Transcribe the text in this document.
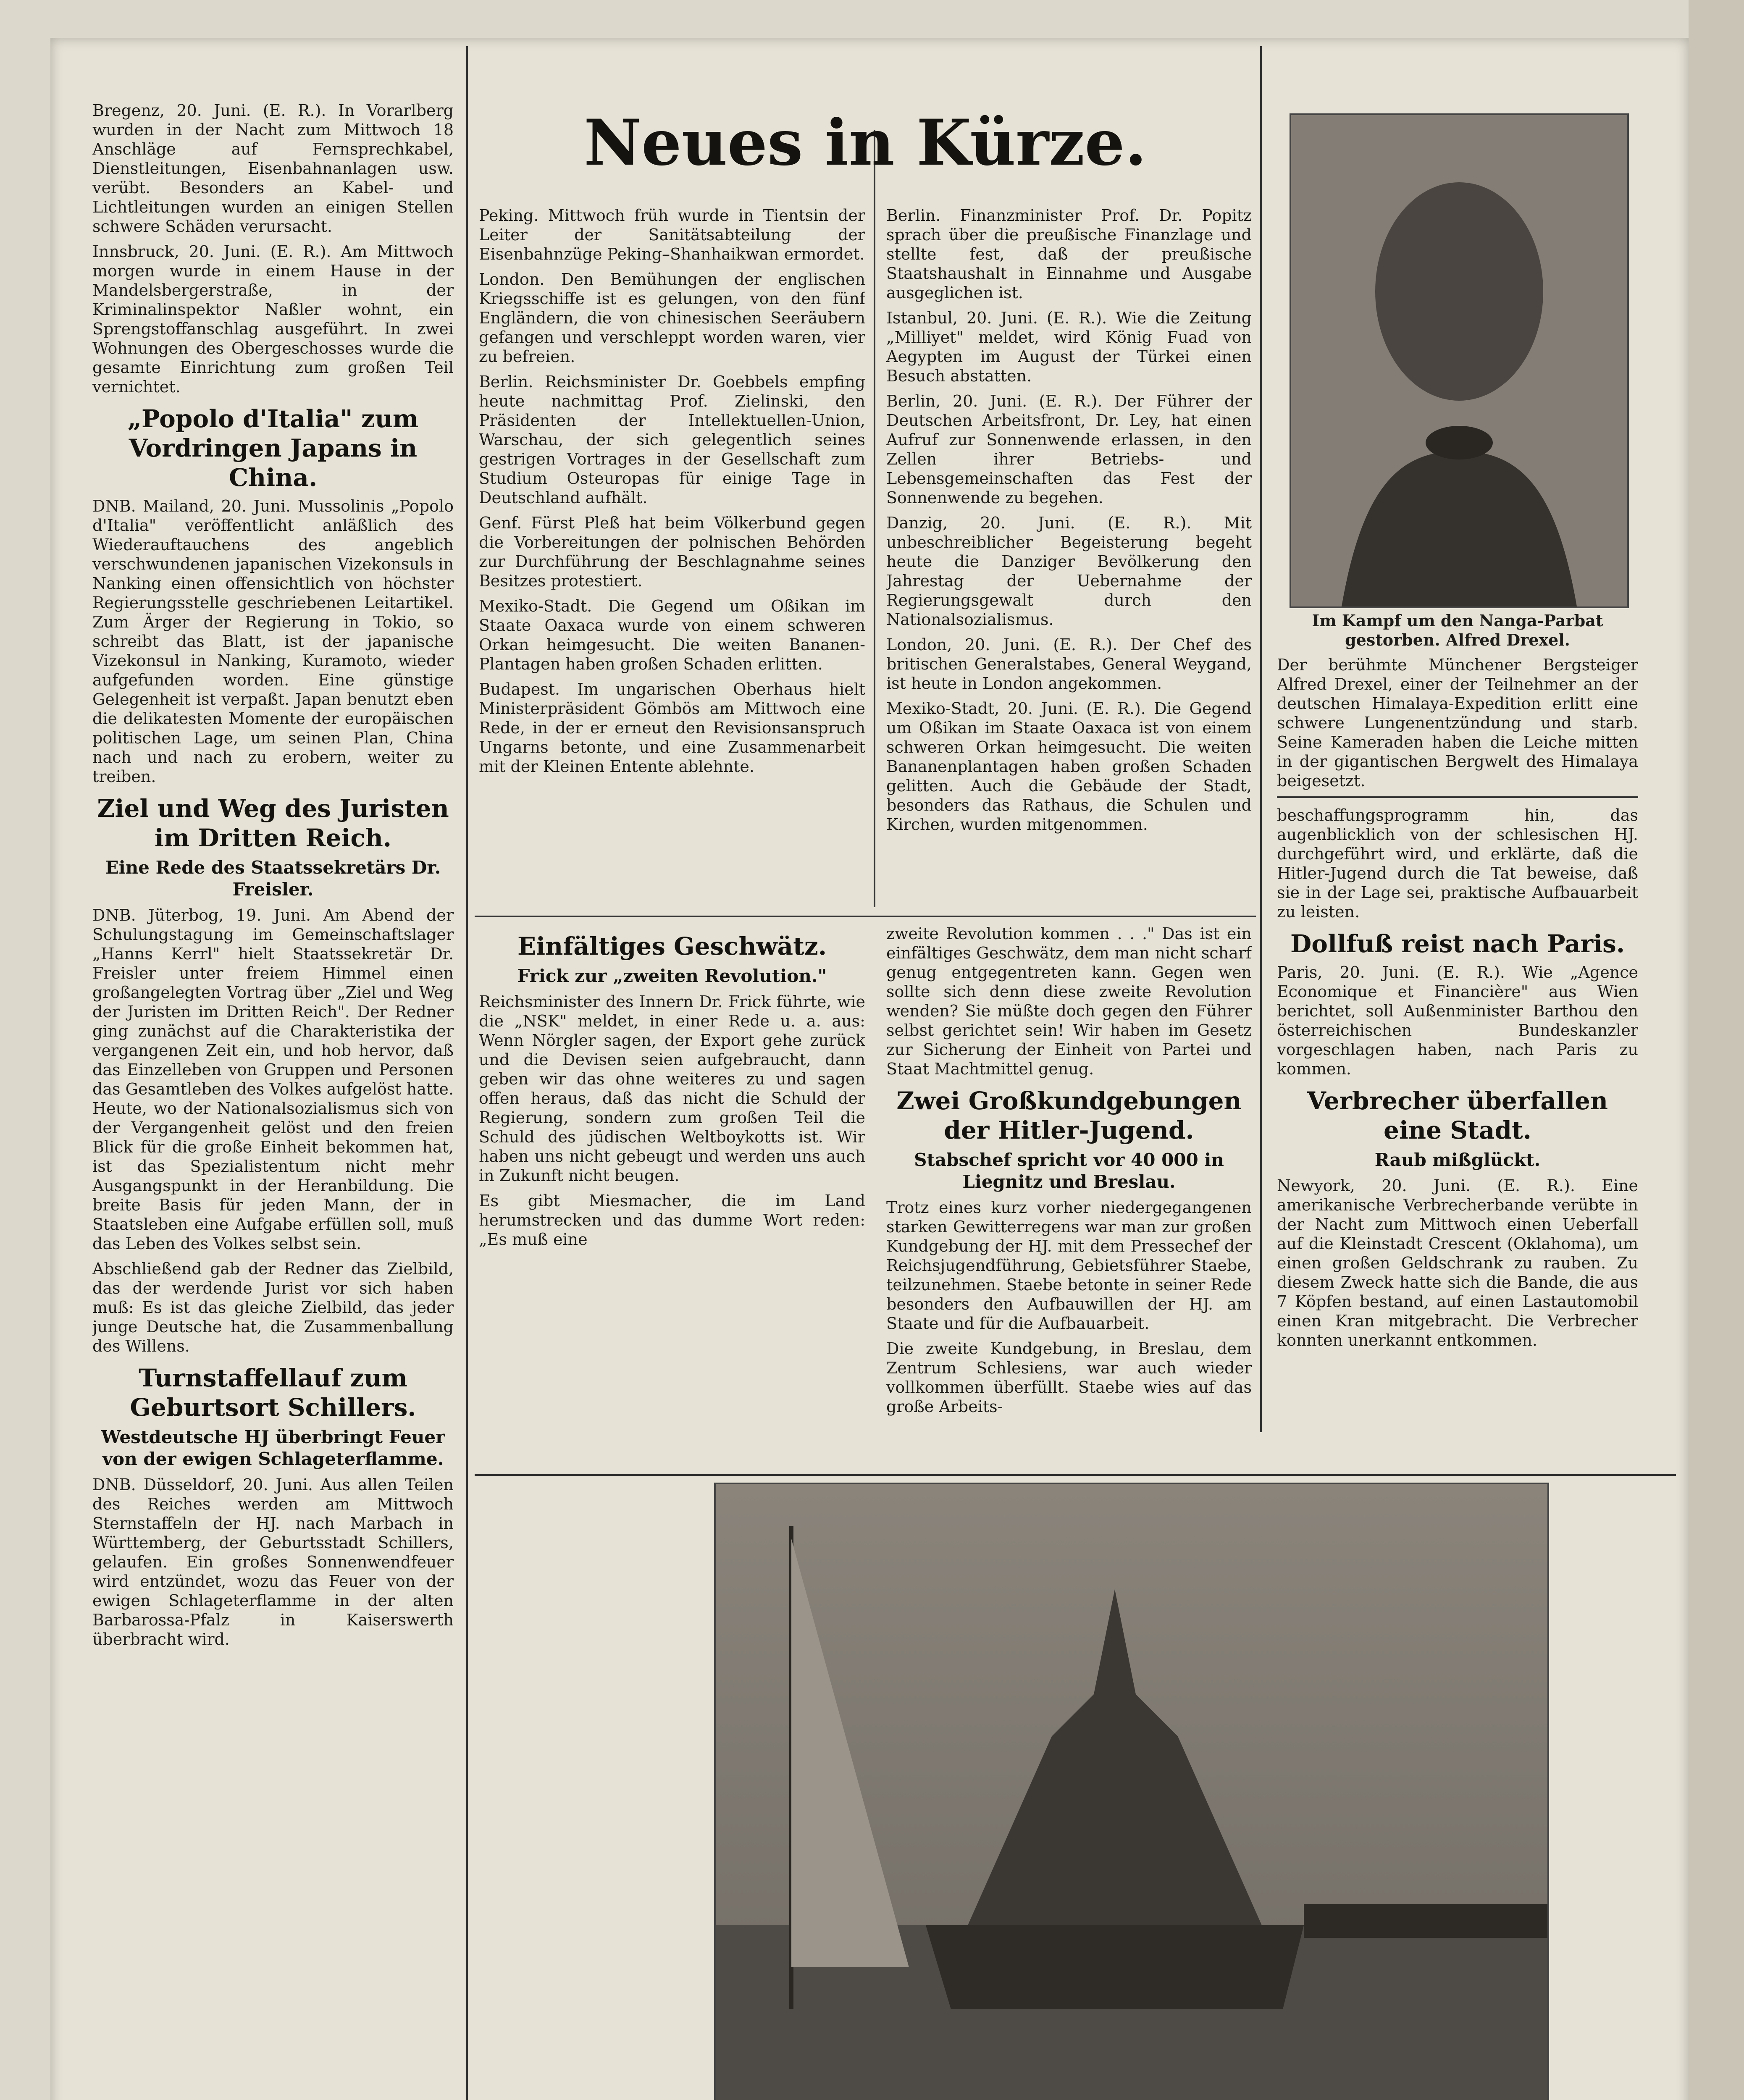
Bregenz, 20. Juni. (E. R.). In Vorarlberg wurden in der Nacht zum Mittwoch 18 Anschläge auf Fernsprechkabel, Dienstleitungen, Eisenbahnanlagen usw. verübt. Besonders an Kabel- und Lichtleitungen wurden an einigen Stellen schwere Schäden verursacht.

Innsbruck, 20. Juni. (E. R.). Am Mittwoch morgen wurde in einem Hause in der Mandelsbergerstraße, in der Kriminalinspektor Naßler wohnt, ein Sprengstoffanschlag ausgeführt. In zwei Wohnungen des Obergeschosses wurde die gesamte Einrichtung zum großen Teil vernichtet.

„Popolo d'Italia" zum Vordringen Japans in China.

DNB. Mailand, 20. Juni. Mussolinis „Popolo d'Italia" veröffentlicht anläßlich des Wiederauftauchens des angeblich verschwundenen japanischen Vizekonsuls in Nanking einen offensichtlich von höchster Regierungsstelle geschriebenen Leitartikel. Zum Ärger der Regierung in Tokio, so schreibt das Blatt, ist der japanische Vizekonsul in Nanking, Kuramoto, wieder aufgefunden worden. Eine günstige Gelegenheit ist verpaßt. Japan benutzt eben die delikatesten Momente der europäischen politischen Lage, um seinen Plan, China nach und nach zu erobern, weiter zu treiben.

Ziel und Weg des Juristen im Dritten Reich.
Eine Rede des Staatssekretärs Dr. Freisler.

DNB. Jüterbog, 19. Juni. Am Abend der Schulungstagung im Gemeinschaftslager „Hanns Kerrl" hielt Staatssekretär Dr. Freisler unter freiem Himmel einen großangelegten Vortrag über „Ziel und Weg der Juristen im Dritten Reich". Der Redner ging zunächst auf die Charakteristika der vergangenen Zeit ein, und hob hervor, daß das Einzelleben von Gruppen und Personen das Gesamtleben des Volkes aufgelöst hatte. Heute, wo der Nationalsozialismus sich von der Vergangenheit gelöst und den freien Blick für die große Einheit bekommen hat, ist das Spezialistentum nicht mehr Ausgangspunkt in der Heranbildung. Die breite Basis für jeden Mann, der in Staatsleben eine Aufgabe erfüllen soll, muß das Leben des Volkes selbst sein.

Abschließend gab der Redner das Zielbild, das der werdende Jurist vor sich haben muß: Es ist das gleiche Zielbild, das jeder junge Deutsche hat, die Zusammenballung des Willens.

Turnstaffellauf zum Geburtsort Schillers.
Westdeutsche HJ überbringt Feuer von der ewigen Schlageterflamme.

DNB. Düsseldorf, 20. Juni. Aus allen Teilen des Reiches werden am Mittwoch Sternstaffeln der HJ. nach Marbach in Württemberg, der Geburtsstadt Schillers, gelaufen. Ein großes Sonnenwendfeuer wird entzündet, wozu das Feuer von der ewigen Schlageterflamme in der alten Barbarossa-Pfalz in Kaiserswerth überbracht wird.

Neues in Kürze.

Peking. Mittwoch früh wurde in Tientsin der Leiter der Sanitätsabteilung der Eisenbahnzüge Peking–Shanhaikwan ermordet.

London. Den Bemühungen der englischen Kriegsschiffe ist es gelungen, von den fünf Engländern, die von chinesischen Seeräubern gefangen und verschleppt worden waren, vier zu befreien.

Berlin. Reichsminister Dr. Goebbels empfing heute nachmittag Prof. Zielinski, den Präsidenten der Intellektuellen-Union, Warschau, der sich gelegentlich seines gestrigen Vortrages in der Gesellschaft zum Studium Osteuropas für einige Tage in Deutschland aufhält.

Genf. Fürst Pleß hat beim Völkerbund gegen die Vorbereitungen der polnischen Behörden zur Durchführung der Beschlagnahme seines Besitzes protestiert.

Mexiko-Stadt. Die Gegend um Oßikan im Staate Oaxaca wurde von einem schweren Orkan heimgesucht. Die weiten Bananen-Plantagen haben großen Schaden erlitten.

Budapest. Im ungarischen Oberhaus hielt Ministerpräsident Gömbös am Mittwoch eine Rede, in der er erneut den Revisionsanspruch Ungarns betonte, und eine Zusammenarbeit mit der Kleinen Entente ablehnte.

Einfältiges Geschwätz.
Frick zur „zweiten Revolution."

Reichsminister des Innern Dr. Frick führte, wie die „NSK" meldet, in einer Rede u. a. aus: Wenn Nörgler sagen, der Export gehe zurück und die Devisen seien aufgebraucht, dann geben wir das ohne weiteres zu und sagen offen heraus, daß das nicht die Schuld der Regierung, sondern zum großen Teil die Schuld des jüdischen Weltboykotts ist. Wir haben uns nicht gebeugt und werden uns auch in Zukunft nicht beugen.

Es gibt Miesmacher, die im Land herumstrecken und das dumme Wort reden: „Es muß eine

Berlin. Finanzminister Prof. Dr. Popitz sprach über die preußische Finanzlage und stellte fest, daß der preußische Staatshaushalt in Einnahme und Ausgabe ausgeglichen ist.

Istanbul, 20. Juni. (E. R.). Wie die Zeitung „Milliyet" meldet, wird König Fuad von Aegypten im August der Türkei einen Besuch abstatten.

Berlin, 20. Juni. (E. R.). Der Führer der Deutschen Arbeitsfront, Dr. Ley, hat einen Aufruf zur Sonnenwende erlassen, in den Zellen ihrer Betriebs- und Lebensgemeinschaften das Fest der Sonnenwende zu begehen.

Danzig, 20. Juni. (E. R.). Mit unbeschreiblicher Begeisterung begeht heute die Danziger Bevölkerung den Jahrestag der Uebernahme der Regierungsgewalt durch den Nationalsozialismus.

London, 20. Juni. (E. R.). Der Chef des britischen Generalstabes, General Weygand, ist heute in London angekommen.

Mexiko-Stadt, 20. Juni. (E. R.). Die Gegend um Oßikan im Staate Oaxaca ist von einem schweren Orkan heimgesucht. Die weiten Bananenplantagen haben großen Schaden gelitten. Auch die Gebäude der Stadt, besonders das Rathaus, die Schulen und Kirchen, wurden mitgenommen.

zweite Revolution kommen . . ." Das ist ein einfältiges Geschwätz, dem man nicht scharf genug entgegentreten kann. Gegen wen sollte sich denn diese zweite Revolution wenden? Sie müßte doch gegen den Führer selbst gerichtet sein! Wir haben im Gesetz zur Sicherung der Einheit von Partei und Staat Machtmittel genug.

Zwei Großkundgebungen der Hitler-Jugend.
Stabschef spricht vor 40 000 in Liegnitz und Breslau.

Trotz eines kurz vorher niedergegangenen starken Gewitterregens war man zur großen Kundgebung der HJ. mit dem Pressechef der Reichsjugendführung, Gebietsführer Staebe, teilzunehmen. Staebe betonte in seiner Rede besonders den Aufbauwillen der HJ. am Staate und für die Aufbauarbeit.

Die zweite Kundgebung, in Breslau, dem Zentrum Schlesiens, war auch wieder vollkommen überfüllt. Staebe wies auf das große Arbeits-

Im Kampf um den Nanga-Parbat gestorben. Alfred Drexel.

Der berühmte Münchener Bergsteiger Alfred Drexel, einer der Teilnehmer an der deutschen Himalaya-Expedition erlitt eine schwere Lungenentzündung und starb. Seine Kameraden haben die Leiche mitten in der gigantischen Bergwelt des Himalaya beigesetzt.

beschaffungsprogramm hin, das augenblicklich von der schlesischen HJ. durchgeführt wird, und erklärte, daß die Hitler-Jugend durch die Tat beweise, daß sie in der Lage sei, praktische Aufbauarbeit zu leisten.

Dollfuß reist nach Paris.

Paris, 20. Juni. (E. R.). Wie „Agence Economique et Financière" aus Wien berichtet, soll Außenminister Barthou den österreichischen Bundeskanzler vorgeschlagen haben, nach Paris zu kommen.

Verbrecher überfallen eine Stadt.
Raub mißglückt.

Newyork, 20. Juni. (E. R.). Eine amerikanische Verbrecherbande verübte in der Nacht zum Mittwoch einen Ueberfall auf die Kleinstadt Crescent (Oklahoma), um einen großen Geldschrank zu rauben. Zu diesem Zweck hatte sich die Bande, die aus 7 Köpfen bestand, auf einen Lastautomobil einen Kran mitgebracht. Die Verbrecher konnten unerkannt entkommen.
